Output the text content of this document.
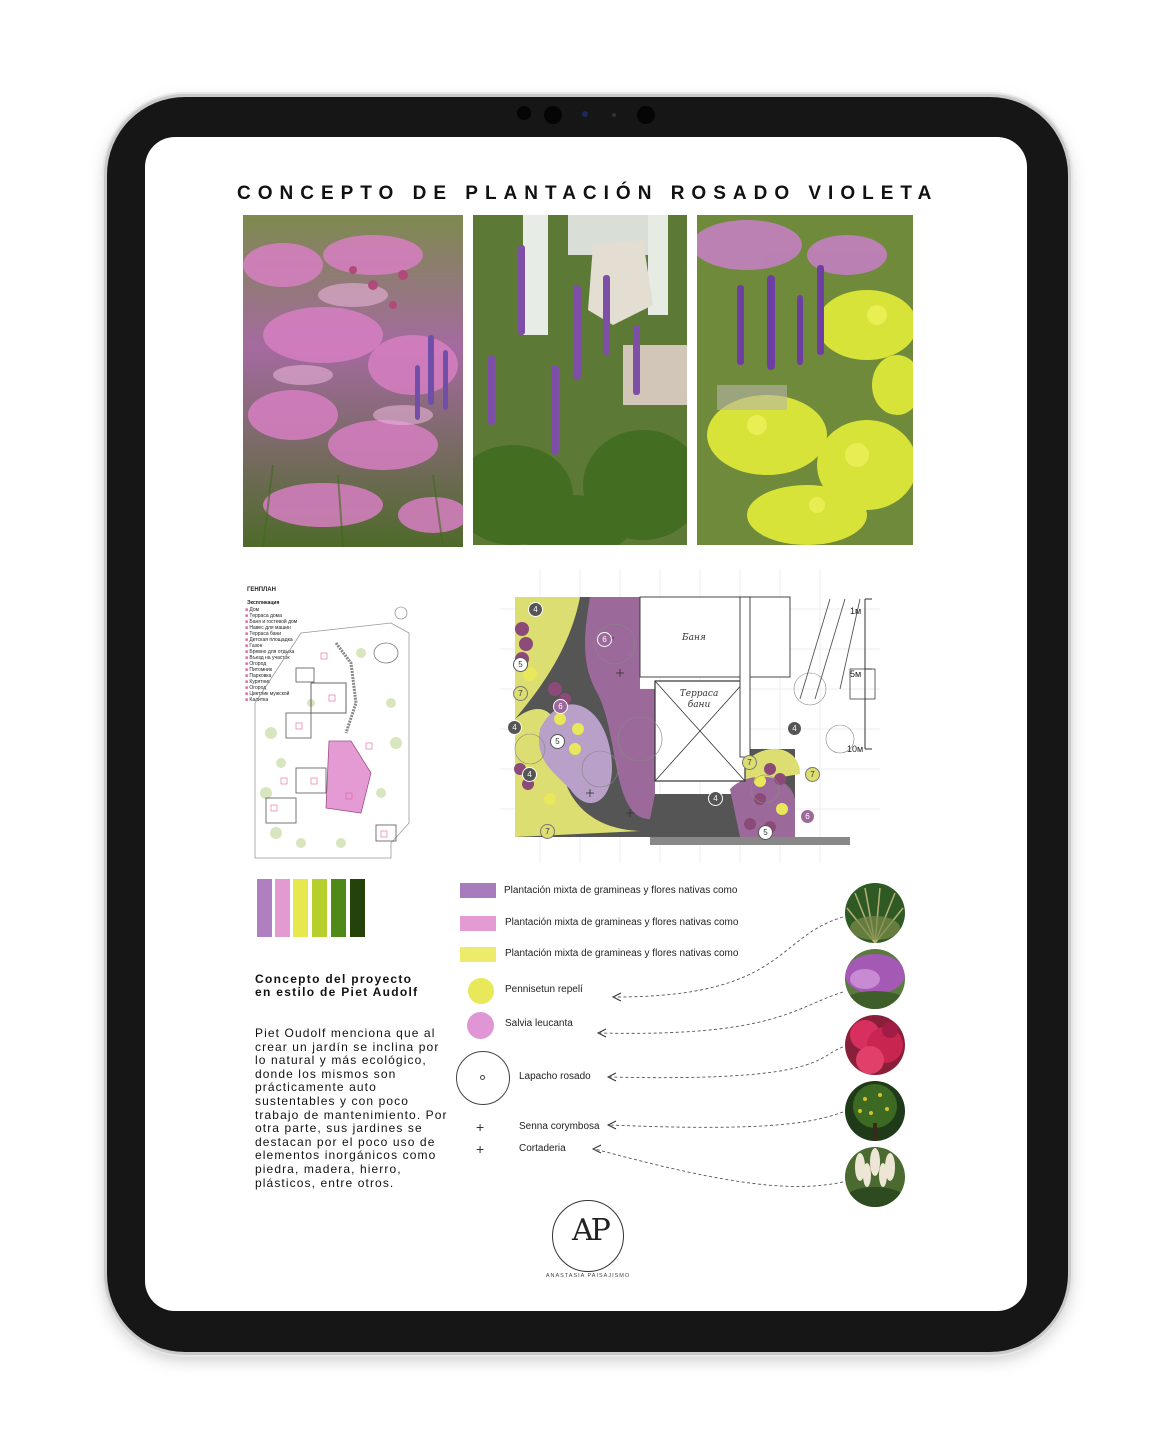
CONCEPTO DE PLANTACIÓN ROSADO VIOLETA
ГЕНПЛАН
Экспликация
■ Дом
■ Терраса дома
■ Баня и гостевой дом
■ Навес для машин
■ Терраса бани
■ Детская площадка
■ Газон
■ Бревно для отдыха
■ Въезд на участок
■ Огород
■ Питомник
■ Парковка
■ Курятник
■ Огород
■ Цветник мужской
■ Калитка
Баня
Терраса
бани
1м
5м
10м
4
6
5
7
6
5
4
7
4
4
7
6
5
7
4
Plantación mixta de gramineas y flores nativas como
Plantación mixta de gramineas y flores nativas como
Plantación mixta de gramineas y flores nativas como
Pennisetun repelí
Salvia leucanta
Lapacho rosado
+	Senna corymbosa
+	Cortaderia
Concepto del proyecto
en estilo de Piet Audolf
Piet Oudolf menciona que al crear un jardín se inclina por lo natural y más ecológico, donde los mismos son prácticamente auto sustentables y con poco trabajo de mantenimiento. Por otra parte, sus jardines se destacan por el poco uso de elementos inorgánicos como piedra, madera, hierro, plásticos, entre otros.
AP
ANASTASIA PAISAJISMO
